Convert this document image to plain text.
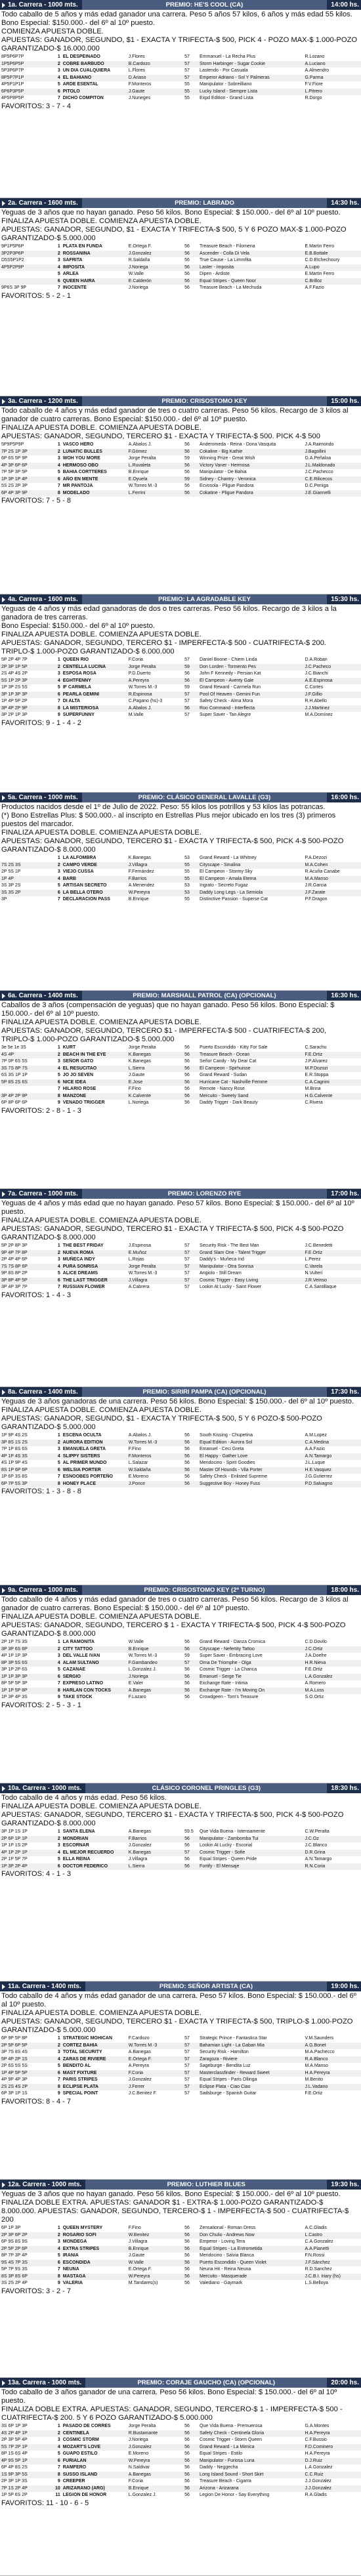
1a. Carrera - 1000 mts.	PREMIO: HE'S COOL (CA)	14:00 hs.

Todo caballo de 5 años y más edad ganador una carrera. Peso 5 años 57 kilos, 6 años y más edad 55 kilos.

Bono Especial: $150.000.- del 6º al 10º puesto.

COMIENZA APUESTA DOBLE.

APUESTAS: GANADOR, SEGUNDO, $1 - EXACTA Y TRIFECTA-$ 500, PICK 4 - POZO MAX-$ 1.000-POZO GARANTIZADO-$ 16.000.000

8P5P6P7P	1	EL DESPEINADO	J.Flores	57	Emmanuel - La Recha Plus	R.Lozano
1P5P6P5P	2	COBRE BARBUDO	B.Cardozo	57	Storm Harbinger - Sugar Cookie	A.Luciano
5P3P6P7P	3	UN DIA CUALQUIERA	L.Flores	57	Lastendo - Por Casuala	A.Almendro
8P5P7P1P	4	EL BAHIANO	D.Ariaso	57	Emperor Adriano - Sol Y Palmeras	G.Parma
4P5P1P1P	5	ARDE ESENTAL	F.Monteros	55	Manipulator - Sobreilliano	F.V.Fiore
6P6P3P5P	6	PITOLO	J.Gaute	55	Lucky Island - Siempre Lista	L.Pitrero
4P5P8P5P	7	DICHO COMPITON	J.Nuneges	55	Expd Edition - Grand Lista	R.Dorgo
FAVORITOS: 3 - 7 - 4
2a. Carrera - 1600 mts.	PREMIO: LABRADO	14:30 hs.

Yeguas de 3 años que no hayan ganado. Peso 56 kilos. Bono Especial: $ 150.000.- del 6º al 10º puesto.

FINALIZA APUESTA DOBLE. COMIENZA APUESTA DOBLE.

APUESTAS: GANADOR, SEGUNDO, $1 - EXACTA Y TRIFECTA-$ 500, 5 Y 6 POZO MAX-$ 1.000-POZO GARANTIZADO-$ 5.000.000

9P1P5P6P	1	PLATA EN FUNDA	E.Ortega F.	56	Treasure Beach - Filomena	E.Martin Ferro
3P2P3P6P	2	ROSSANINA	J.Gonzalez	56	Ascender - Colla Di Vela	E.B.Bottale
D5S5P1P2	3	SAFRITA	R.Saldaña	56	True Cause - La Limmfita	C.D.Etchechoury
4P5P2P9P	4	IMPOSITA	J.Noriega	56	Laster - Imposita	A.Lupo
	5	ARLEA	W.Valle	56	Dipen - Ardiste	E.Martin Ferro
	6	QUEEN HAIRA	E.Calderón	56	Equal Stripes - Queen Noor	C.Brilloz
9P6S 3P 9P	7	INOCENTE	J.Noriega	56	Treasure Beach - La Mechuda	A.F.Fazio
FAVORITOS: 5 - 2 - 1
3a. Carrera - 1200 mts.	PREMIO: CRISOSTOMO KEY	15:00 hs.

Todo caballo de 4 años y más edad ganador de tres o cuatro carreras. Peso 56 kilos. Recargo de 3 kilos al ganador de cuatro carreras. Bono Especial: $150.000.- del 6º al 10º puesto.

FINALIZA APUESTA DOBLE. COMIENZA APUESTA DOBLE.

APUESTAS: GANADOR, SEGUNDO, TERCERO $1 - EXACTA Y TRIFECTA-$ 500. PICK 4-$ 500

5P9P5P9P	1	VASCO HERO	A.Abalos J.	56	Anderomeda - Reina - Dona Vasquita	J.A.Raimondo
7P 2S 1P 3P	2	LUNATIC BULLES	F.Gómez	56	Cokaline - Big Kathie	J.Bagollini
6P 6S 5P 9P	3	WOH YOU MORE	Jorge Peralta	59	Winning Prize - Great Wish	G.A.Peñaloa
4P 3P 6P 6P	4	HERMOSO OBO	L.Ruvaleta	56	Victory Vaner - Hermosa	J.L.Maldonado
7P 5P 3P 5P	5	BAHIA CORTTERES	B.Enrique	56	Manipulator - De Bahia	J.C.Pachecco
1P 3P 1P 4P	6	AÑO EN MENTE	E.Oyuela	59	Sidney - Chantry - Veronica	C.E.Rilicecos
5S 2S 2P 3P	7	MR PANTOJA	W.Torres M.-3	56	Ecvosola - Pligue Pandora	D.C.Peniga
6P 4P 3P 9P	8	MODELADO	L.Ferrini	56	Cokatine - Pligue Pandora	J.E.Giannelli
FAVORITOS: 7 - 5 - 8
4a. Carrera - 1600 mts.	PREMIO: LA AGRADABLE KEY	15:30 hs.

Yeguas de 4 años y más edad ganadoras de dos o tres carreras. Peso 56 kilos. Recargo de 3 kilos a la ganadora de tres carreras.

Bono Especial: $150.000.- del 6º al 10º puesto.

FINALIZA APUESTA DOBLE. COMIENZA APUESTA DOBLE.

APUESTAS: GANADOR, SEGUNDO, TERCERO $1 - IMPERFECTA-$ 500 - CUATRIFECTA-$ 200. TRIPLO-$ 1.000-POZO GARANTIZADO-$ 6.000.000

5P 2P 4P 7P	1	QUEEN RIO	F.Coria	57	Daniel Boone - Chiem Linda	D.A.Roban
2P 3P 1P 5P	2	CENTELLA LUCINA	Jorge Peralta	59	Don Lorden - Tormento Pes	J.C.Pacheco
2S 4P 4S 2P	3	ESPOSA ROSA	P.D.Duerto	56	John F Kennedy - Persian Kat	J.C.Bianchi
5S 1P 2P 3P	4	EGHTFENNY	A.Pereyra	56	El Campeon - Aventy Gale	A.E.Espinosa
1P 3P 2S 5S	5	IF CARMELA	W.Torres M.-3	59	Grand Reward - Carmela Run	C.Cortes
3P 1P 3P 3P	6	PEARLA GEMINI	R.Espinosa	57	Pool Of Heaven - Gemini Fun	J.F.Gillio
1P 4P 5P 2P	7	DI ALTA	C.Pagano (hs)-3	57	Safety Check - Alma Mora	R.H.Abello
3P 4P 2P 9P	8	LA MISTERIOSA	A.Abalos J.	56	Roo Command - Interflecta	J.J.Martinez
3P 2P 1P 3P	9	SUPERFUNNY	M.Valle	57	Super Saver - Tan Alegre	M.A.Domínez
FAVORITOS: 9 - 1 - 4 - 2
5a. Carrera - 1000 mts.	PREMIO: CLÁSICO GENERAL LAVALLE (G3)	16:00 hs.

Productos nacidos desde el 1º de Julio de 2022. Peso: 55 kilos los potrillos y 53 kilos las potrancas.

(*) Bono Estrellas Plus: $ 500.000.- al inscripto en Estrellas Plus mejor ubicado en los tres (3) primeros puestos del marcador.

FINALIZA APUESTA DOBLE. COMIENZA APUESTA DOBLE.

APUESTAS: GANADOR, SEGUNDO, TERCERO $1 - EXACTA Y TRIFECTA-$ 500, PICK 4-$ 500-POZO GARANTIZADO-$ 8.000.000

	1	LA ALFOMBRA	K.Banegas	53	Grand Reward - La Whitney	P.A.Dezozi
7S 2S 3S	2	CAMPO VERDE	J.Villagra	55	Cityscape - Smalina	M.A.Cohen
2P 5S 1P	3	VIEJO CUSSA	F.Fernández	55	El Campeon - Stormy Sky	R.Acuña Canabe
1P 4P	4	BARB	F.Barrios	55	El Campeon - Amala Etema	M.A.Manso
3S 3P 2S	5	ARTISAN SECRETO	A.Menendez	53	Ingrato - Secreto Fugaz	J.R.Garcia
3S 3S 2P	6	LA BELLA OTERO	W.Pereyra	53	Daddy Long Legs - La Semiola	J.F.Zarate
3P	7	DECLARACION PASS	B.Enrique	55	Distinctive Passion - Superse Cat	P.F.Dragon
6a. Carrera - 1400 mts.	PREMIO: MARSHALL PATROL (CA) (OPCIONAL)	16:30 hs.

Caballos de 3 años (compensación de yeguas) que no hayan ganado. Peso 56 kilos. Bono Especial: $ 150.000.- del 6º al 10º puesto.

FINALIZA APUESTA DOBLE. COMIENZA APUESTA DOBLE.

APUESTAS: GANADOR, SEGUNDO, TERCERO $1 - IMPERFECTA-$ 500 - CUATRIFECTA-$ 200, TRIPLO-$ 1.000-POZO GARANTIZADO-$ 5.000.000

3e 5e 1e 3S	1	KURT	Jorge Peralta	56	Puerto Escondido - Kitty For Sale	C.Sarachu
4S 4P	2	BEACH IN THE EYE	K.Banegas	56	Treasure Beach - Ocean	F.E.Ortiz
7P 0P 6S 5S	3	SEÑOR GATO	K.Banegas	56	Señor Candy - My Dear Cat	J.P.Alvarez
3S 7S 8P 7S	4	EL RESUCITAO	L.Sierra	56	El Campeon - Spirhuisse	M.P.Dozozi
6S 3S 1P 1P	5	JO JO SEVEN	J.Gaute	56	Grand Reward - Sudan	E.R.Stoppa
5P 8S 2S 6S	6	NICE IDEA	E.Jose	56	Hurricane Cat - Nashville Femme	C.A.Cagnini
	7	HILARIO ROSE	F.Fino	56	Remote - Nancy Rose	M.Brina
3P 4P 2P 9P	8	MANZONE	K.Calvente	56	Mercuito - Sweety Sand	H.G.Calvente
6P 8P 6P 6P	9	VENADO TRIGGER	L.Noriega	56	Daddy Trigger - Dark Beauty	C.Rivera
FAVORITOS: 2 - 8 - 1 - 3
7a. Carrera - 1000 mts.	PREMIO: LORENZO RYE	17:00 hs.

Yeguas de 4 años y más edad que no hayan ganado. Peso 57 kilos. Bono Especial: $ 150.000.- del 6º al 10º puesto.

FINALIZA APUESTA DOBLE. COMIENZA APUESTA DOBLE.

APUESTAS: GANADOR, SEGUNDO, TERCERO $1 - EXACTA Y TRIFECTA-$ 500, PICK 4-$ 500-POZO GARANTIZADO-$ 8.000.000

5P 2P 8P 3P	1	THE BEST FRIDAY	J.Espinosa	57	Security Risk - The Best Man	J.C.Benedetti
9P 4P 7P 8P	2	NUEVA ROMA	E.Muñoz	57	Grand Slam One - Talent Trigger	F.E.Ortiz
2P 4P 4P 6P	3	MUÑECA INDY	L.Rojas	57	Daddy's - Muñeca Ind	L.Perez
7S 7S 8P 6P	4	PURA SONRISA	Jorge Peralta	57	Manipulator - Otra Sonrisa	C.Varela
9P 8S 8P 2P	5	ALICE DREAMS	W.Torres M.-3	57	Angiolo - Still Dream	N.Vulterí
3P 8P 4P 5P	6	THE LAST TRIGGER	J.Villagra	57	Cosmic Trigger - Easy Living	J.R.Veinso
3P 4P 3P 7P	7	RUSSIAN FLOWER	A.Cabrera	57	Lookin At Lucky - Saint Flower	C.A.Santillaque
FAVORITOS: 1 - 4 - 3
8a. Carrera - 1400 mts.	PREMIO: SIRIRI PAMPA (CA) (OPCIONAL)	17:30 hs.

Yeguas de 3 años ganadoras de una carrera. Peso 56 kilos. Bono Especial: $ 150.000.- del 6º al 10º puesto.

FINALIZA APUESTA DOBLE. COMIENZA APUESTA DOBLE.

APUESTAS: GANADOR, SEGUNDO, $1 - EXACTA Y TRIFECTA-$ 500, 5 Y 6 POZO-$ 500-POZO GARANTIZADO-$ 5.000.000

1P 9P 4S 2S	1	ESCENA OCULTA	A.Abalos J.	56	South Kissing - Chupetina	A.M.Lopez
3P 8S 1S 2S	2	AURORA EDITION	W.Torres M.-3	56	Equal Edition - Aurora Sol	C.A.Medina
7P 1P 8S 6S	3	EMANUELA GRETA	F.Fino	56	Emanuel - Ceci Greta	A.A.Fazio
4P 1P 4S 3S	4	SLIPPY SISTERS	F.Monteros	56	El Happy - Gather Love	A.N.Tamargo
4S 1P 9P 4S	5	AL PRIMER MUNDO	L.Salazar	56	Mendocino - Spirit Goodies	J.L.Luque
8S 1P 6P 6P	6	WELSIA PORTER	W.Saldaña	56	Master Of Hounds - Vila Porter	H.E.Vasquez
1P 6P 3S 8S	7	ESNOOBES PORTEÑO	E.Moreno	56	Safety Check - Enlisted Supreme	J.G.Gutierrez
6P 7P 5S 3P	8	HONEY PLACE	J.Ponce	56	Suggestive Boy - Honey Fuss	P.D.Salvagno
FAVORITOS: 1 - 3 - 8 - 8
9a. Carrera - 1000 mts.	PREMIO: CRISOSTOMO KEY (2º TURNO)	18:00 hs.

Todo caballo de 4 años y más edad ganador de tres o cuatro carreras. Peso 56 kilos. Recargo de 3 kilos al ganador de cuatro carreras. Bono Especial: $ 150.000.- del 6º al 10º puesto.

FINALIZA APUESTA DOBLE. COMIENZA APUESTA DOBLE.

APUESTAS: GANADOR, SEGUNDO, TERCERO $ 1 - EXACTA Y TRIFECTA-$ 500, PICK 4-$ 500-POZO GARANTIZADO-$ 8.000.000

2P 1P 7S 3S	1	LA RAMONITA	W.Valle	56	Grand Reward - Danza Cromica	C.D.Dovilo
3P 3P 6S 6P	2	CITY TATTOO	B.Enrique	56	Cityscape - Nefertity Tattoo	J.C.Ortiz
4P 1P 1P 3P	3	DEL VALLE IVAN	W.Torres M.-3	59	Super Saver - Embracing Love	J.A.Doefre
8P 3P 5S 6S	4	ALAM SULTANO	F.Gambandeo	57	Orna De Triomphe - Olga	H.R.Nieva
3P 1P 2P 6S	5	CAZANAE	L.Gonzalez J.	56	Cosmic Trigger - La Chanca	F.E.Ortiz
1P 1P 3P 3P	6	SERGIO	J.Noriega	56	Emanuel - Serge Tie	L.A.Gonzalez
8P 5P 5P 3P	7	EXPRESO LATINO	E.Valer	56	Exchange Rate - Intima	A.Romero
1P 1P 5P 8P	8	HARLAN CON TOCKS	A.Banegas	56	Exchange Rate - I'm Moving On	M.A.Loss
1P 3P 4P 3S	9	TAKE STOCK	F.Lazaro	56	Crowdgeen - Tom's Treasure	S.O.Ortiz
FAVORITOS: 2 - 5 - 3 - 1
10a. Carrera - 1000 mts.	CLÁSICO CORONEL PRINGLES (G3)	18:30 hs.

Todo caballo de 4 años y más edad. Peso 56 kilos.

FINALIZA APUESTA DOBLE. COMIENZA APUESTA DOBLE.

APUESTAS: GANADOR, SEGUNDO, TERCERO $1 - EXACTA Y TRIFECTA-$ 500, PICK 4-$ 500-POZO GARANTIZADO-$ 8.000.000

3P 1P 1S 1P	1	SANTA ELENA	A.Banegas	59.5	Que Vida Buena - Intensamente	C.W.Peralta
2P 6P 1P 1P	2	MONDRIAN	F.Barrios	56	Manipulator - Zambomba Tui	J.C.Oz
1P 1P 1S 2P	3	ESCORNAR	J.Gonzalez	56	Lookin At Lucky - Escorial	J.C.Blanco
4P 1P 2P 1P	4	EL MEJOR RECUERDO	K.Banegas	57	Cosmic Trigger - Sofie	D.R.Grina
2P 1P 5P 7P	5	ELLA REINA	J.Villagra	56	Equal Stripes - Queen Pride	A.N.Tamargo
1P 3P 2P 4P	6	DOCTOR FEDERICO	L.Sierra	56	Fortify - El Mensaje	R.N.Coria
FAVORITOS: 4 - 1 - 3
11a. Carrera - 1400 mts.	PREMIO: SEÑOR ARTISTA (CA)	19:00 hs.

Todo caballo de 4 años y más edad ganador de una carrera. Peso 57 kilos. Bono Especial: $ 150.000.- del 6º al 10º puesto.

FINALIZA APUESTA DOBLE. COMIENZA APUESTA DOBLE.

APUESTAS: GANADOR, SEGUNDO, TERCERO $1 - EXACTA Y TRIFECTA-$ 500, TRIPLO-$ 1.000-POZO GARANTIZADO-$ 5.000.000

6P 9P 5P 8P	1	STRATEGIC MOHICAN	F.Cardozo	57	Strategic Prince - Fantastica Star	V.M.Saunders
2P 5P 6P 5P	2	CORTEZ BAHIA	W.Torres M.-3	57	Bahamian Light - La Gaban Mia	A.G.Bonet
3P 7S 8S 4S	3	TOTAL SECURITY	A.Banegas	57	Security Risk - Hamilton	M.A.Pachecco
5P 4P 2P 1S	4	ZARAS DE RIVIERE	E.Ortega F.	57	Zaragoza - Riviere	R.A.Blanco
2P 6S 5S 5S	5	BENDITO AL	A.Pereyra	57	Sageburge - Bendita Luz	M.A.Manso
1P 4P 5P 5P	6	MAST FIXTURE	F.Coria	57	Masterclassfinder - Reward Sweet	H.A.Pereyra
4P 9P 4P 3P	7	PARIS STRIPES	J.Gonzalez	57	Equal Stripes - Paris Ollinga	M.Benito
2S 2S 4S 2P	8	ECLIPSE PLATA	J.Ferrer	57	Eclipse Plata - Ciao Ciao	J.L.Vadano
6P 3P 1P 1S	9	SPECIAL POINT	J.C.Benitez F.	57	Sadsburge - Spanish Guitar	F.E.Ortiz
FAVORITOS: 8 - 4 - 7
12a. Carrera - 1000 mts.	PREMIO: LUTHIER BLUES	19:30 hs.

Yeguas de 3 años que no hayan ganado. Peso 56 kilos. Bono Especial: $ 150.000.- del 6º al 10º puesto.

FINALIZA DOBLE EXTRA. APUESTAS: GANADOR $1 - EXTRA-$ 1.000-POZO GARANTIZADO-$ 8.000.000. APUESTAS: GANADOR, SEGUNDO, TERCERO-$ 1 - IMPERFECTA-$ 500 - CUATRIFECTA-$ 200

6P 1P 3P	1	QUEEN MYSTERY	F.Fino	56	Zensational - Roman Dress	A.C.Gladis
2P 3P 6P 2P	2	ROSARIO SOFI	W.Benitez	56	Don Chulio - Andrews Now	L.Castro
6P 9S 8S 9S	3	MONDEGA	J.Villagra	56	Emperor - Loving Tera	C.A.Gonzalez
2P 5P 2P 6P	4	EXTRA STRIPES	B.Enrique	56	Equal Stripes - La Entrometida	A.A.Pianetti
8P 7P 3P 4P	5	IRANIA	J.Gaute	56	Mendocino - Salvia Blanca	F.N.Rossi
9S 4S 7P 3S	6	ESCONDIDA	W.Valle	56	Puerto Escondido - Queen Violet	J.F.Sánchez
5P 7P 9S 3S	7	NEUNA	E.Ortega F.	56	Neuna Hit - Reina Neuna	R.D.Sanchez
8S 3P 8S 6P	8	MASTAGA	W.Pereyra	56	Mercuito - Masquerade	J.C.B.I. Iriary (hs)
3S 2S 2P 4P	9	VALERIA	M.Tandares(s)	56	Valediano - Gaymark	L.S.Belloya
FAVORITOS: 3 - 2 - 7
13a. Carrera - 1000 mts.	PREMIO: CORAJE GAUCHO (CA) (OPCIONAL)	20:00 hs.

Todo caballo de 3 años ganador de una carrera. Peso 56 kilos. Bono Especial: $ 150.000.- del 6º al 10º puesto.

FINALIZA DOBLE EXTRA. APUESTAS: GANADOR, SEGUNDO, TERCERO-$ 1 - IMPERFECTA-$ 500 - CUATRIFECTA-$ 200. 5 Y 6 POZO GARANTIZADO-$ 5.000.000

3S 6P 1P 3P	1	PASADO DE CORRES	Jorge Peralta	56	Que Vida Buena - Premuerosa	G.A.Montes
4S 2P 4P 1P	2	CENTINELA	R.Bustamante	56	Safety Check - Centinela Gloria	H.A.Pereyra
2P 3P 5P 4P	3	COSMIC STORM	J.Noriega	56	Cosmic Trigger - Storm Queen	C.F.Bussio
5S 7P 2P 1P	4	MOZART'S LOVE	J.Gonzalez	56	Grand Reward - La Mimica	F.D.Cominero
8P 1S 6S 4P	5	GUAPO ESTILO	E.Moreno	56	Equal Stripes - Estilo	H.A.Pereyra
4P 9S 5P 1P	6	FURIALAN	W.Pereyra	56	Manipulator - Furiosa Luna	D.J.Ruiz
6P 4P 8S 2S	7	RAMFERO	N.Saldivar	56	Daddy - Neggecha	L.A.Gonzalez
1S 9P 3P 5S	8	SUSSO ISLAND	A.Banegas	56	Long Island Sound - Short Skirt	C.C.Ruiz
2P 3P 1P 3S	9	CREEPER	F.Coria	56	Treasure Beach - Cigarra	J.J.Gonzalez
7P 1S 2P 4P	10	ARIZARANO (ARG)	B.Enrique	56	Arizona - Arizarana	J.J.Gonzalez
1P 5P 6S 2P	11	LEGION DE HONOR	L.Gonzalez J.	56	Legion De Honor - Say Everything	R.A.Gladis
FAVORITOS: 11 - 10 - 6 - 5
